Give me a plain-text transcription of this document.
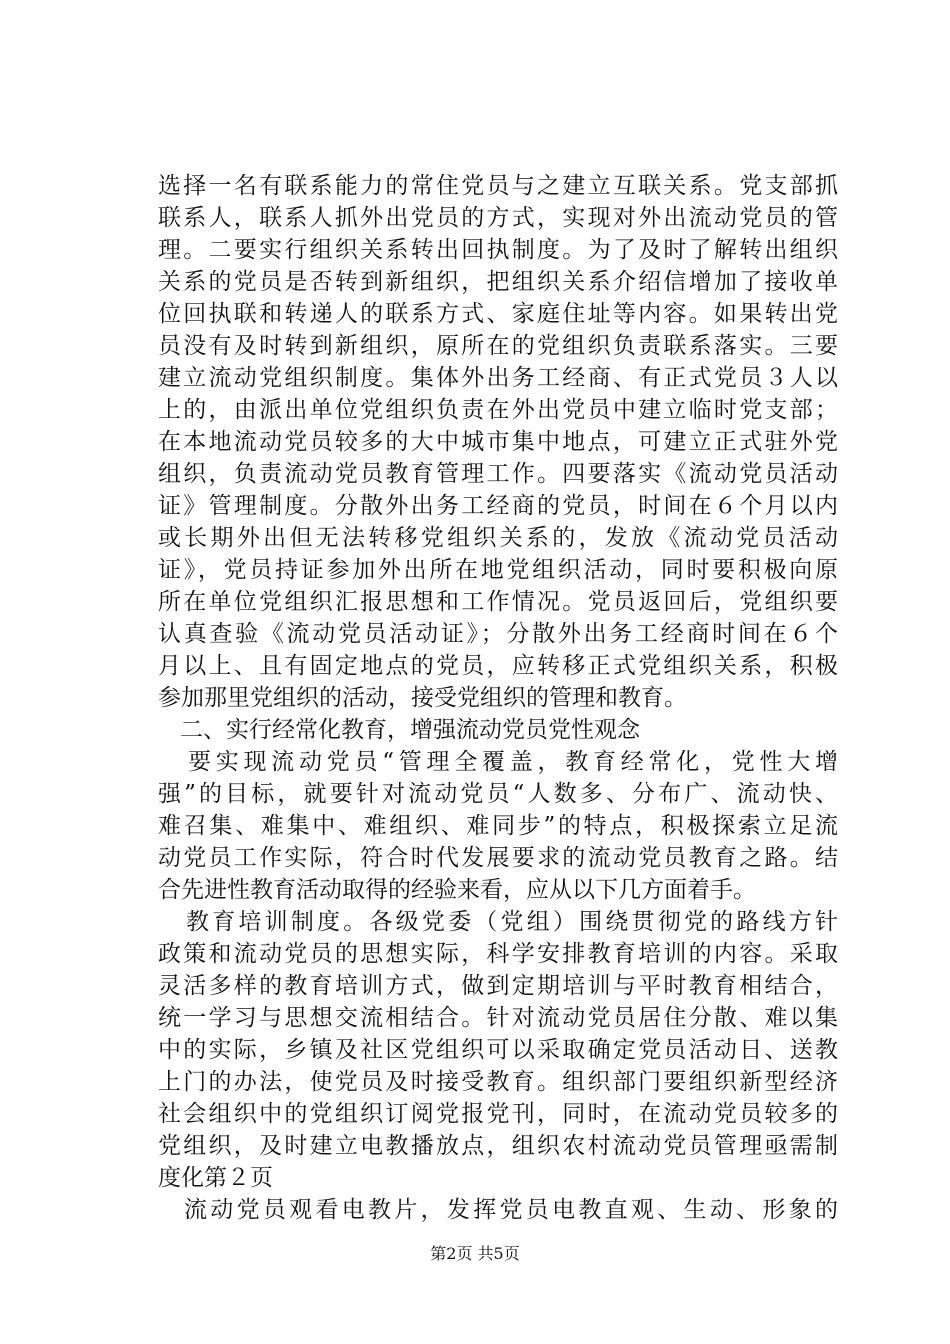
选择一名有联系能力的常住党员与之建立互联关系。党支部抓
联系人，联系人抓外出党员的方式，实现对外出流动党员的管
理。二要实行组织关系转出回执制度。为了及时了解转出组织
关系的党员是否转到新组织，把组织关系介绍信增加了接收单
位回执联和转递人的联系方式、家庭住址等内容。如果转出党
员没有及时转到新组织，原所在的党组织负责联系落实。三要
建立流动党组织制度。集体外出务工经商、有正式党员３人以
上的，由派出单位党组织负责在外出党员中建立临时党支部；
在本地流动党员较多的大中城市集中地点，可建立正式驻外党
组织，负责流动党员教育管理工作。四要落实《流动党员活动
证》管理制度。分散外出务工经商的党员，时间在６个月以内
或长期外出但无法转移党组织关系的，发放《流动党员活动
证》，党员持证参加外出所在地党组织活动，同时要积极向原
所在单位党组织汇报思想和工作情况。党员返回后，党组织要
认真查验《流动党员活动证》；分散外出务工经商时间在６个
月以上、且有固定地点的党员，应转移正式党组织关系，积极
参加那里党组织的活动，接受党组织的管理和教育。
二、实行经常化教育，增强流动党员党性观念
要实现流动党员“管理全覆盖，教育经常化，党性大增
强”的目标，就要针对流动党员“人数多、分布广、流动快、
难召集、难集中、难组织、难同步”的特点，积极探索立足流
动党员工作实际，符合时代发展要求的流动党员教育之路。结
合先进性教育活动取得的经验来看，应从以下几方面着手。
教育培训制度。各级党委（党组）围绕贯彻党的路线方针
政策和流动党员的思想实际，科学安排教育培训的内容。采取
灵活多样的教育培训方式，做到定期培训与平时教育相结合，
统一学习与思想交流相结合。针对流动党员居住分散、难以集
中的实际，乡镇及社区党组织可以采取确定党员活动日、送教
上门的办法，使党员及时接受教育。组织部门要组织新型经济
社会组织中的党组织订阅党报党刊，同时，在流动党员较多的
党组织，及时建立电教播放点，组织农村流动党员管理亟需制
度化第２页
流动党员观看电教片，发挥党员电教直观、生动、形象的
第2页 共5页
